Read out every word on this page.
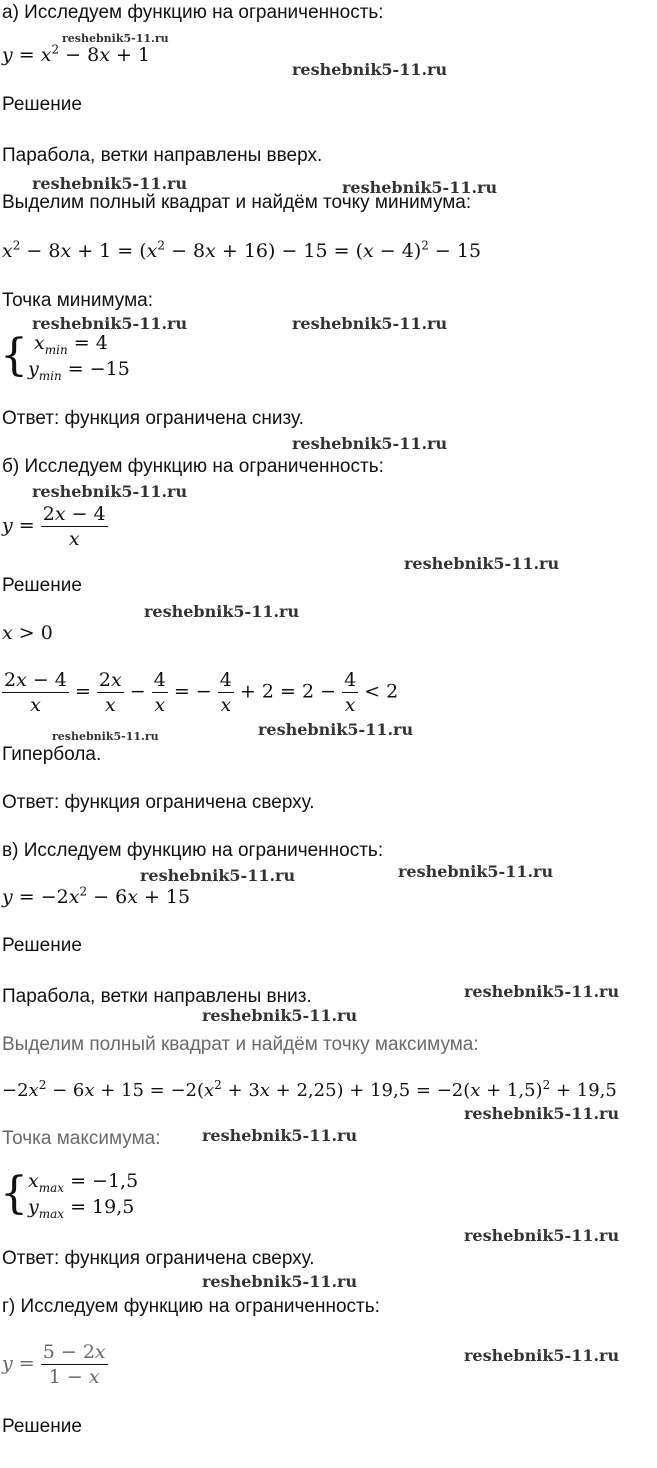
а) Исследуем функцию на ограниченность:
$y = x^2 - 8x + 1$
Решение
Парабола, ветки направлены вверх.
Выделим полный квадрат и найдём точку минимума:
$x^2 - 8x + 1 = (x^2 - 8x + 16) - 15 = (x - 4)^2 - 15$
Точка минимума:
{ $x_{min} = 4$
$y_{min} = -15$
Ответ: функция ограничена снизу.
б) Исследуем функцию на ограниченность:
$y = \frac{2x - 4}{x}$
Решение
x > 0
$\frac{2x - 4}{x} = \frac{2x}{x} - \frac{4}{x}$ = − $\frac{4}{x} + 2 = 2 - \frac{4}{x} < 2$
Гипербола.
Ответ: функция ограничена сверху.
в) Исследуем функцию на ограниченность:
$y = -2x^2 - 6x + 15$
Решение
Парабола, ветки направлены вниз.
Выделим полный квадрат и найдём точку максимума:
$-2x^2 - 6x + 15 = -2(x^2 + 3x + 2,25) + 19,5 = -2(x + 1,5)^2 + 19,5$
Точка максимума:
{ $x_{max} = -1,5$
$y_{max} = 19,5$
Ответ: функция ограничена сверху.
г) Исследуем функцию на ограниченность:
$y = \frac{5 - 2x}{1 - x}$
Решение
reshebnik5-11.ru
reshebnik5-11.ru
reshebnik5-11.ru	reshebnik5-11.ru
reshebnik5-11.ru	reshebnik5-11.ru
reshebnik5-11.ru
reshebnik5-11.ru
reshebnik5-11.ru
reshebnik5-11.ru
reshebnik5-11.ru	reshebnik5-11.ru
reshebnik5-11.ru	reshebnik5-11.ru
reshebnik5-11.ru
reshebnik5-11.ru
reshebnik5-11.ru
reshebnik5-11.ru
reshebnik5-11.ru
reshebnik5-11.ru
reshebnik5-11.ru
